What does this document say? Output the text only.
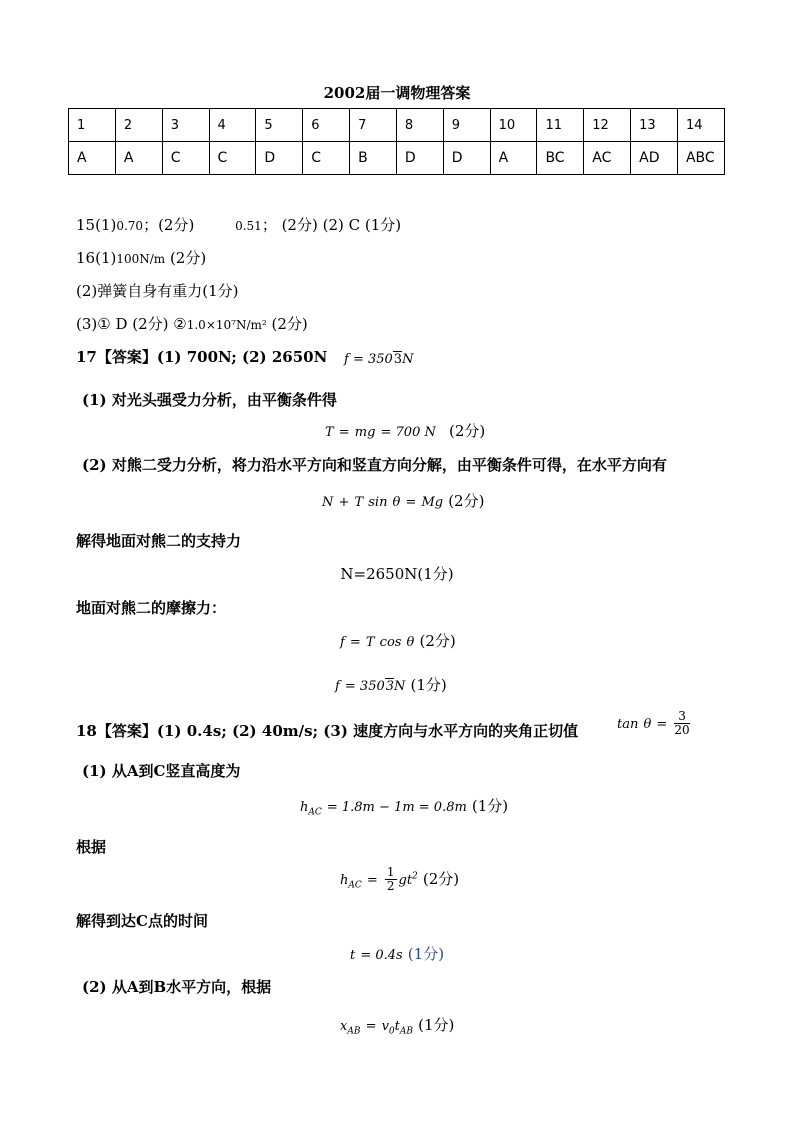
2002届一调物理答案
1	2	3	4	5	6	7	8	9	10	11	12	13	14
A	A	C	C	D	C	B	D	D	A	BC	AC	AD	ABC
15(1)0.70；(2分)	0.51； (2分) (2) C (1分)
16(1)100N/m (2分)
(2)弹簧自身有重力(1分)
(3)① D (2分) ②1.0×10⁷N/m² (2分)
17【答案】(1) 700N; (2) 2650N f = 3503N
(1) 对光头强受力分析，由平衡条件得
T = mg = 700 N (2分)
(2) 对熊二受力分析，将力沿水平方向和竖直方向分解，由平衡条件可得，在水平方向有
N + T sin θ = Mg (2分)
解得地面对熊二的支持力
N=2650N(1分)
地面对熊二的摩擦力：
f = T cos θ (2分)
f = 3503N (1分)
18【答案】(1) 0.4s; (2) 40m/s; (3) 速度方向与水平方向的夹角正切值	$\tan \theta = \frac{3}{20}$
(1) 从A到C竖直高度为
$h_{AC} = 1.8m - 1m = 0.8m$ (1分)
根据
$h_{AC} = \frac{1}{2} gt^2$ (2分)
解得到达C点的时间
t = 0.4s (1分)
(2) 从A到B水平方向，根据
$x_{AB} = v_0t_{AB}$ (1分)
